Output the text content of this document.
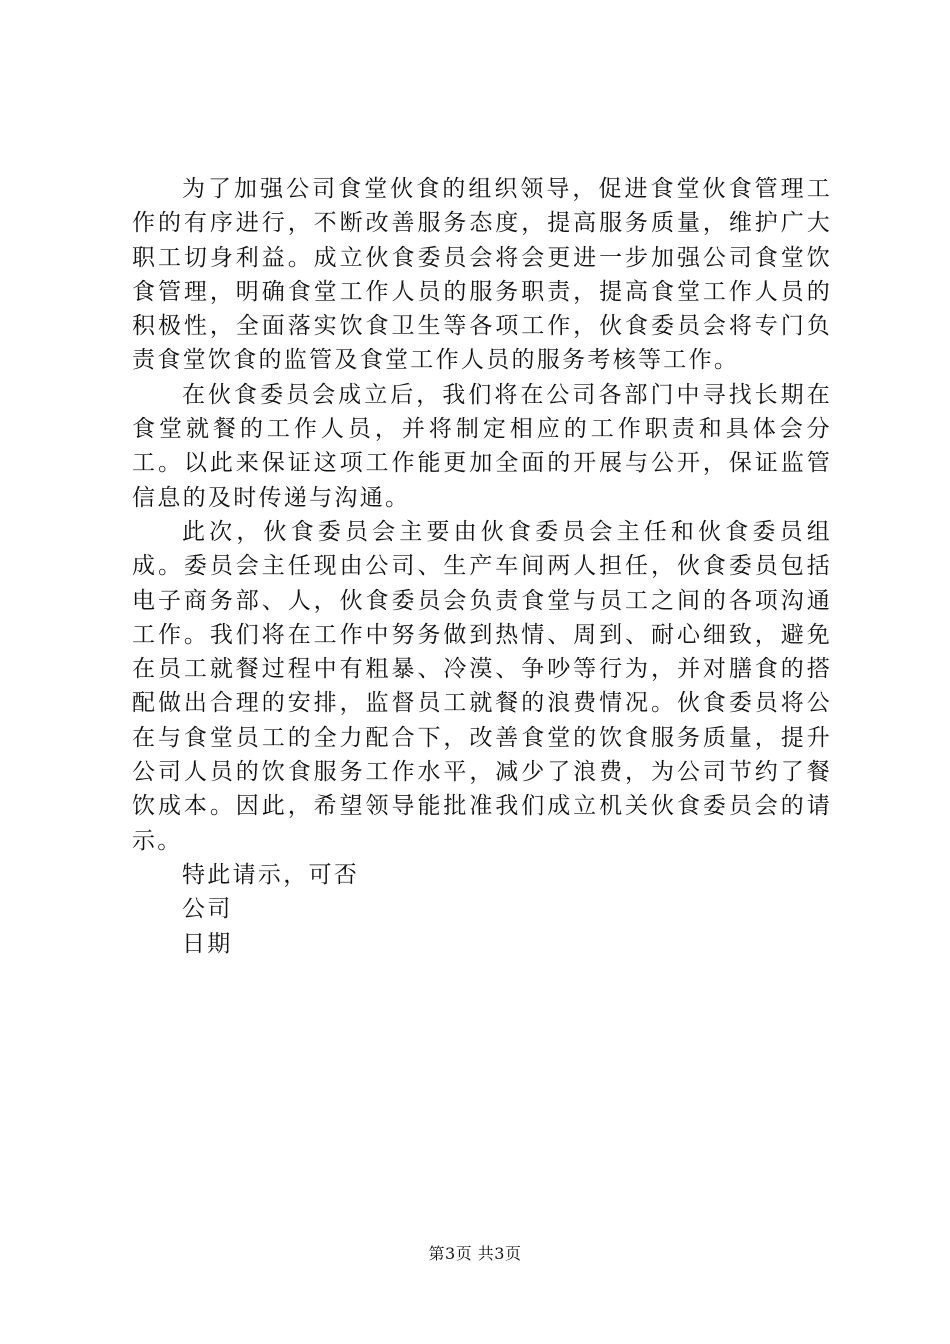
为了加强公司食堂伙食的组织领导，促进食堂伙食管理工作的有序进行，不断改善服务态度，提高服务质量，维护广大职工切身利益。成立伙食委员会将会更进一步加强公司食堂饮食管理，明确食堂工作人员的服务职责，提高食堂工作人员的积极性，全面落实饮食卫生等各项工作，伙食委员会将专门负责食堂饮食的监管及食堂工作人员的服务考核等工作。

在伙食委员会成立后，我们将在公司各部门中寻找长期在食堂就餐的工作人员，并将制定相应的工作职责和具体会分工。以此来保证这项工作能更加全面的开展与公开，保证监管信息的及时传递与沟通。

此次，伙食委员会主要由伙食委员会主任和伙食委员组成。委员会主任现由公司、生产车间两人担任，伙食委员包括电子商务部、人，伙食委员会负责食堂与员工之间的各项沟通工作。我们将在工作中努务做到热情、周到、耐心细致，避免在员工就餐过程中有粗暴、冷漠、争吵等行为，并对膳食的搭配做出合理的安排，监督员工就餐的浪费情况。伙食委员将公在与食堂员工的全力配合下，改善食堂的饮食服务质量，提升公司人员的饮食服务工作水平，减少了浪费，为公司节约了餐饮成本。因此，希望领导能批准我们成立机关伙食委员会的请示。

特此请示，可否

公司

日期

第3页 共3页
